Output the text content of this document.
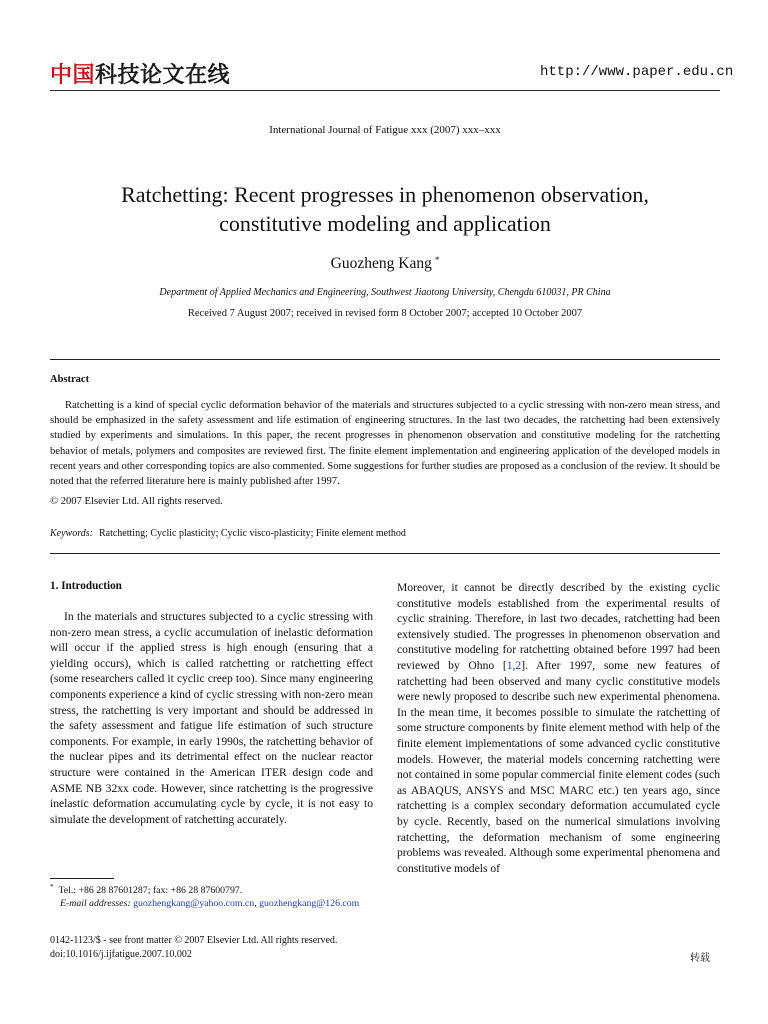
中国科技论文在线	http://www.paper.edu.cn
International Journal of Fatigue xxx (2007) xxx–xxx
Ratchetting: Recent progresses in phenomenon observation,
constitutive modeling and application
Guozheng Kang *
Department of Applied Mechanics and Engineering, Southwest Jiaotong University, Chengdu 610031, PR China
Received 7 August 2007; received in revised form 8 October 2007; accepted 10 October 2007
Abstract

Ratchetting is a kind of special cyclic deformation behavior of the materials and structures subjected to a cyclic stressing with non-zero mean stress, and should be emphasized in the safety assessment and life estimation of engineering structures. In the last two decades, the ratchetting had been extensively studied by experiments and simulations. In this paper, the recent progresses in phenomenon observation and constitutive modeling for the ratchetting behavior of metals, polymers and composites are reviewed first. The finite element implementation and engineering application of the developed models in recent years and other corresponding topics are also commented. Some suggestions for further studies are proposed as a conclusion of the review. It should be noted that the referred literature here is mainly published after 1997.

© 2007 Elsevier Ltd. All rights reserved.
Keywords: Ratchetting; Cyclic plasticity; Cyclic visco-plasticity; Finite element method
1. Introduction

In the materials and structures subjected to a cyclic stressing with non-zero mean stress, a cyclic accumulation of inelastic deformation will occur if the applied stress is high enough (ensuring that a yielding occurs), which is called ratchetting or ratchetting effect (some researchers called it cyclic creep too). Since many engineering components experience a kind of cyclic stressing with non-zero mean stress, the ratchetting is very important and should be addressed in the safety assessment and fatigue life estimation of such structure components. For example, in early 1990s, the ratchetting behavior of the nuclear pipes and its detrimental effect on the nuclear reactor structure were contained in the American ITER design code and ASME NB 32xx code. However, since ratchetting is the progressive inelastic deformation accumulating cycle by cycle, it is not easy to simulate the development of ratchetting accurately.

Moreover, it cannot be directly described by the existing cyclic constitutive models established from the experimental results of cyclic straining. Therefore, in last two decades, ratchetting had been extensively studied. The progresses in phenomenon observation and constitutive modeling for ratchetting obtained before 1997 had been reviewed by Ohno [1,2]. After 1997, some new features of ratchetting had been observed and many cyclic constitutive models were newly proposed to describe such new experimental phenomena. In the mean time, it becomes possible to simulate the ratchetting of some structure components by finite element method with help of the finite element implementations of some advanced cyclic constitutive models. However, the material models concerning ratchetting were not contained in some popular commercial finite element codes (such as ABAQUS, ANSYS and MSC MARC etc.) ten years ago, since ratchetting is a complex secondary deformation accumulated cycle by cycle. Recently, based on the numerical simulations involving ratchetting, the deformation mechanism of some engineering problems was revealed. Although some experimental phenomena and constitutive models of

* Tel.: +86 28 87601287; fax: +86 28 87600797.
E-mail addresses: guozhengkang@yahoo.com.cn, guozhengkang@126.com
0142-1123/$ - see front matter © 2007 Elsevier Ltd. All rights reserved.
doi:10.1016/j.ijfatigue.2007.10.002	转载
